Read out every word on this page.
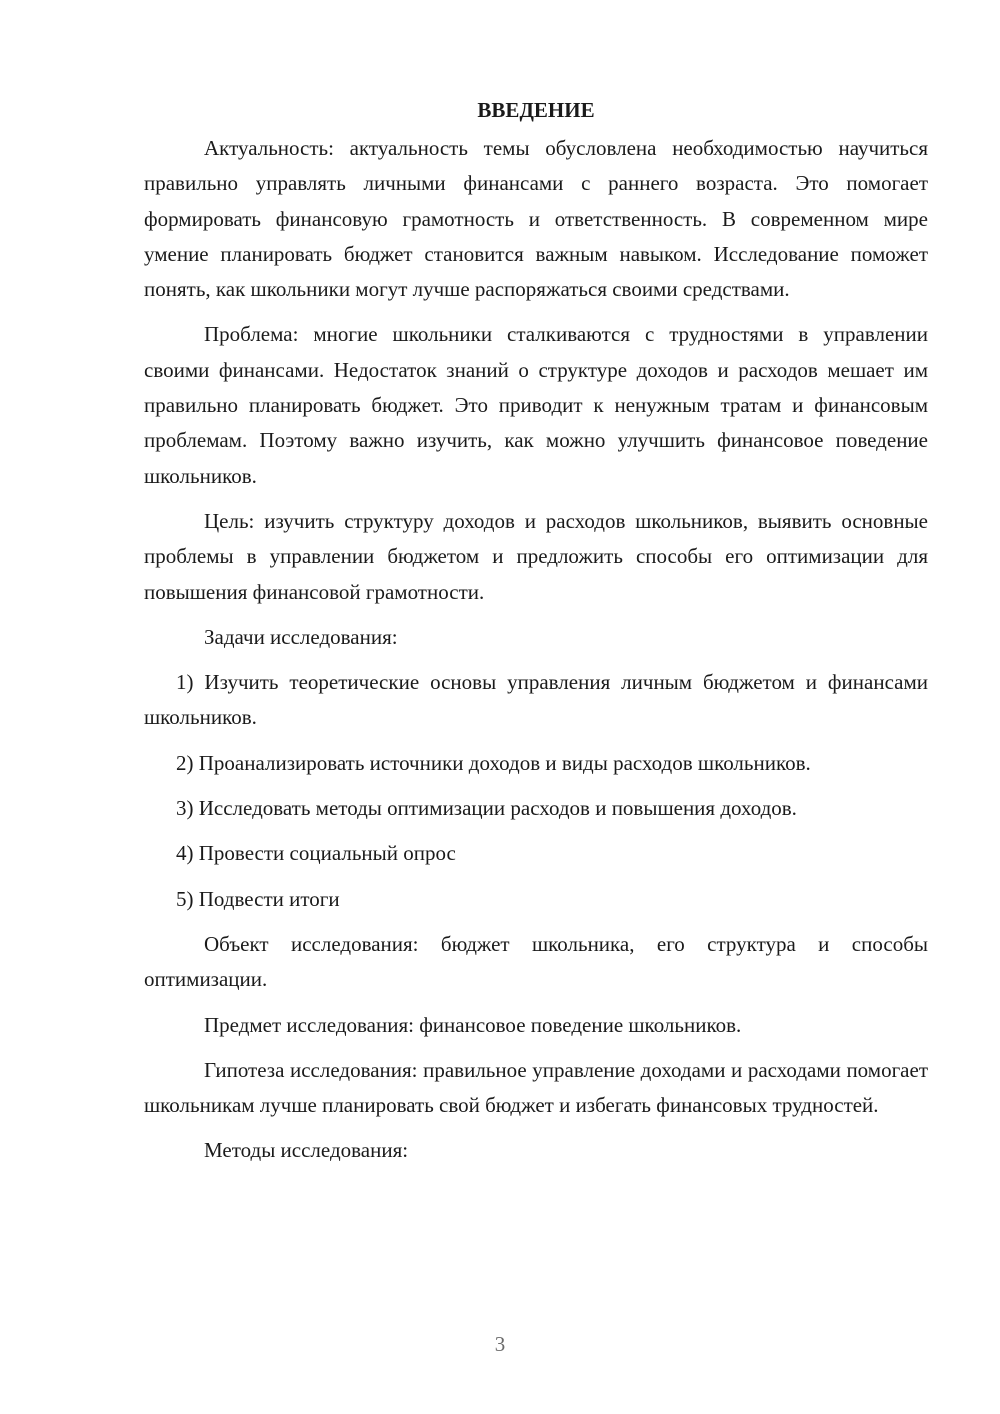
ВВЕДЕНИЕ

Актуальность: актуальность темы обусловлена необходимостью научиться правильно управлять личными финансами с раннего возраста. Это помогает формировать финансовую грамотность и ответственность. В современном мире умение планировать бюджет становится важным навыком. Исследование поможет понять, как школьники могут лучше распоряжаться своими средствами.

Проблема: многие школьники сталкиваются с трудностями в управлении своими финансами. Недостаток знаний о структуре доходов и расходов мешает им правильно планировать бюджет. Это приводит к ненужным тратам и финансовым проблемам. Поэтому важно изучить, как можно улучшить финансовое поведение школьников.

Цель: изучить структуру доходов и расходов школьников, выявить основные проблемы в управлении бюджетом и предложить способы его оптимизации для повышения финансовой грамотности.

Задачи исследования:

1) Изучить теоретические основы управления личным бюджетом и финансами школьников.

2) Проанализировать источники доходов и виды расходов школьников.

3) Исследовать методы оптимизации расходов и повышения доходов.

4) Провести социальный опрос

5) Подвести итоги

Объект исследования: бюджет школьника, его структура и способы оптимизации.

Предмет исследования: финансовое поведение школьников.

Гипотеза исследования: правильное управление доходами и расходами помогает школьникам лучше планировать свой бюджет и избегать финансовых трудностей.

Методы исследования:

3
